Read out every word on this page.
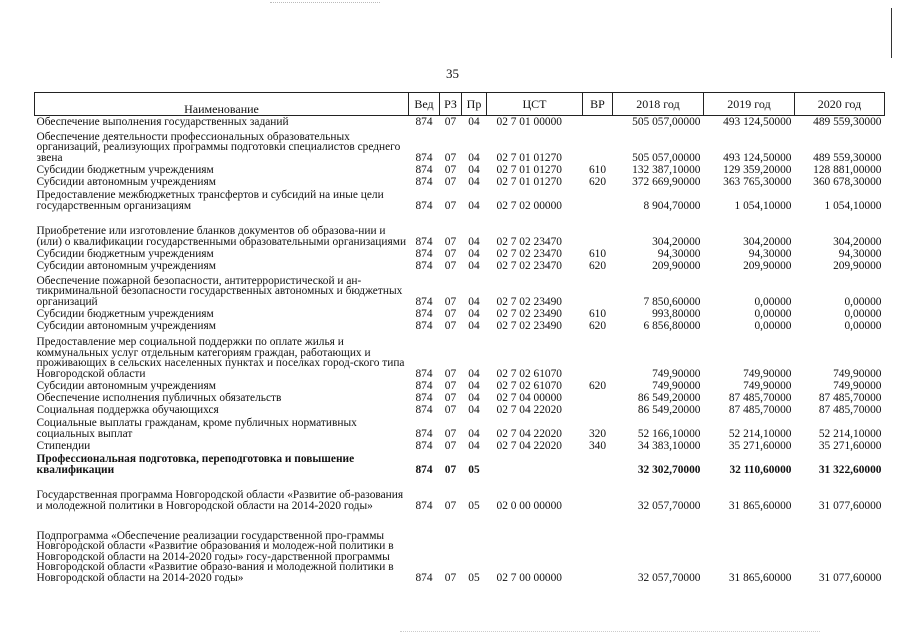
35
Наименование	Вед	РЗ	Пр	ЦСТ	ВР	2018 год	2019 год	2020 год
Обеспечение выполнения государственных заданий	874	07	04	02 7 01 00000		505 057,00000	493 124,50000	489 559,30000
Обеспечение деятельности профессиональных образовательных организаций, реализующих программы подготовки специалистов среднего звена	874	07	04	02 7 01 01270		505 057,00000	493 124,50000	489 559,30000
Субсидии бюджетным учреждениям	874	07	04	02 7 01 01270	610	132 387,10000	129 359,20000	128 881,00000
Субсидии автономным учреждениям	874	07	04	02 7 01 01270	620	372 669,90000	363 765,30000	360 678,30000
Предоставление межбюджетных трансфертов и субсидий на иные цели государственным организациям	874	07	04	02 7 02 00000		8 904,70000	1 054,10000	1 054,10000
Приобретение или изготовление бланков документов об образова-нии и (или) о квалификации государственными образовательными организациями	874	07	04	02 7 02 23470		304,20000	304,20000	304,20000
Субсидии бюджетным учреждениям	874	07	04	02 7 02 23470	610	94,30000	94,30000	94,30000
Субсидии автономным учреждениям	874	07	04	02 7 02 23470	620	209,90000	209,90000	209,90000
Обеспечение пожарной безопасности, антитеррористической и ан-тикриминальной безопасности государственных автономных и бюджетных организаций	874	07	04	02 7 02 23490		7 850,60000	0,00000	0,00000
Субсидии бюджетным учреждениям	874	07	04	02 7 02 23490	610	993,80000	0,00000	0,00000
Субсидии автономным учреждениям	874	07	04	02 7 02 23490	620	6 856,80000	0,00000	0,00000
Предоставление мер социальной поддержки по оплате жилья и коммунальных услуг отдельным категориям граждан, работающих и проживающих в сельских населенных пунктах и поселках город-ского типа Новгородской области	874	07	04	02 7 02 61070		749,90000	749,90000	749,90000
Субсидии автономным учреждениям	874	07	04	02 7 02 61070	620	749,90000	749,90000	749,90000
Обеспечение исполнения публичных обязательств	874	07	04	02 7 04 00000		86 549,20000	87 485,70000	87 485,70000
Социальная поддержка обучающихся	874	07	04	02 7 04 22020		86 549,20000	87 485,70000	87 485,70000
Социальные выплаты гражданам, кроме публичных нормативных социальных выплат	874	07	04	02 7 04 22020	320	52 166,10000	52 214,10000	52 214,10000
Стипендии	874	07	04	02 7 04 22020	340	34 383,10000	35 271,60000	35 271,60000
Профессиональная подготовка, переподготовка и повышение квалификации	874	07	05			32 302,70000	32 110,60000	31 322,60000
Государственная программа Новгородской области «Развитие об-разования и молодежной политики в Новгородской области на 2014-2020 годы»	874	07	05	02 0 00 00000		32 057,70000	31 865,60000	31 077,60000
Подпрограмма «Обеспечение реализации государственной про-граммы Новгородской области «Развитие образования и молодеж-ной политики в Новгородской области на 2014-2020 годы» госу-дарственной программы Новгородской области «Развитие образо-вания и молодежной политики в Новгородской области на 2014-2020 годы»	874	07	05	02 7 00 00000		32 057,70000	31 865,60000	31 077,60000
